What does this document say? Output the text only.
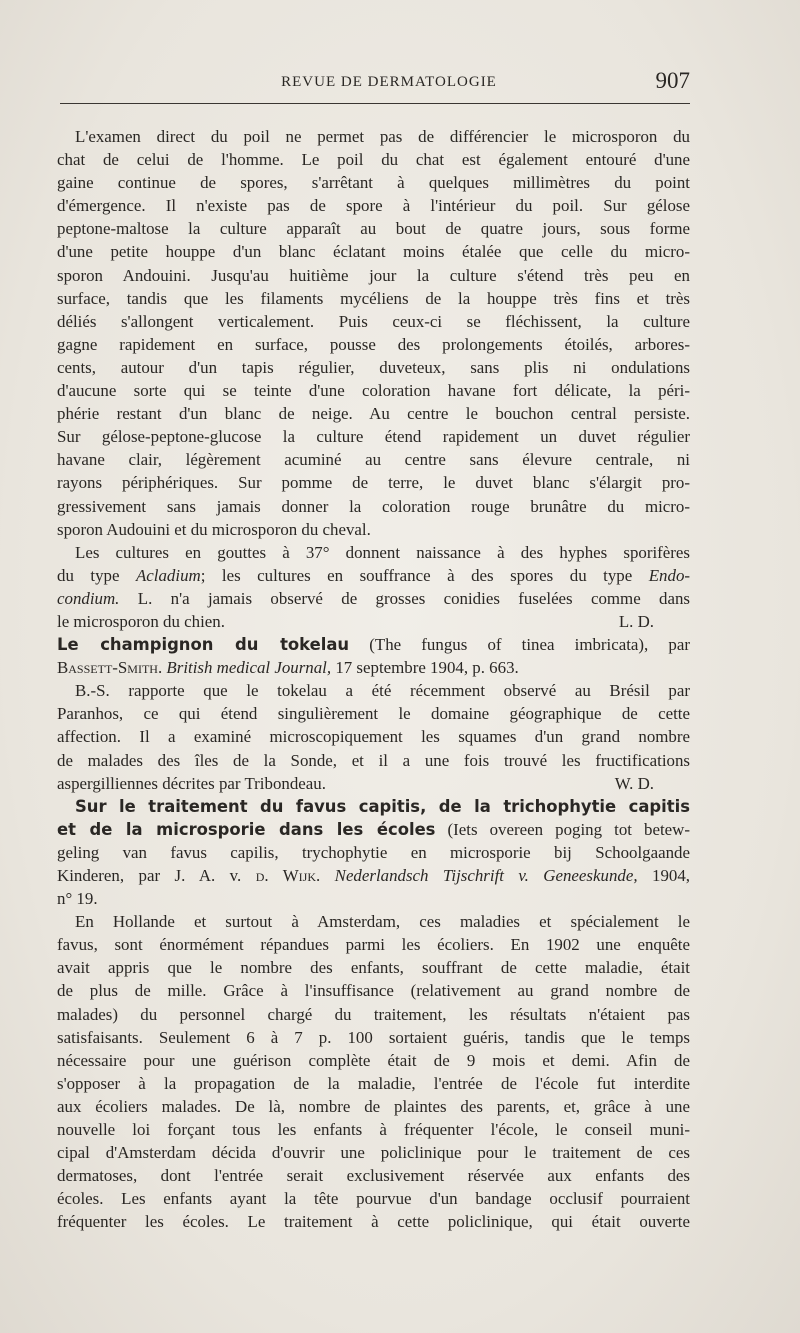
REVUE DE DERMATOLOGIE	907
L'examen direct du poil ne permet pas de différencier le microsporon du
chat de celui de l'homme. Le poil du chat est également entouré d'une
gaine continue de spores, s'arrêtant à quelques millimètres du point
d'émergence. Il n'existe pas de spore à l'intérieur du poil. Sur gélose
peptone-maltose la culture apparaît au bout de quatre jours, sous forme
d'une petite houppe d'un blanc éclatant moins étalée que celle du micro-
sporon Andouini. Jusqu'au huitième jour la culture s'étend très peu en
surface, tandis que les filaments mycéliens de la houppe très fins et très
déliés s'allongent verticalement. Puis ceux-ci se fléchissent, la culture
gagne rapidement en surface, pousse des prolongements étoilés, arbores-
cents, autour d'un tapis régulier, duveteux, sans plis ni ondulations
d'aucune sorte qui se teinte d'une coloration havane fort délicate, la péri-
phérie restant d'un blanc de neige. Au centre le bouchon central persiste.
Sur gélose-peptone-glucose la culture étend rapidement un duvet régulier
havane clair, légèrement acuminé au centre sans élevure centrale, ni
rayons périphériques. Sur pomme de terre, le duvet blanc s'élargit pro-
gressivement sans jamais donner la coloration rouge brunâtre du micro-
sporon Audouini et du microsporon du cheval.
Les cultures en gouttes à 37° donnent naissance à des hyphes sporifères
du type Acladium; les cultures en souffrance à des spores du type Endo-
condium. L. n'a jamais observé de grosses conidies fuselées comme dans
le microsporon du chien.	L. D.
Le champignon du tokelau (The fungus of tinea imbricata), par
Bassett-Smith. British medical Journal, 17 septembre 1904, p. 663.
B.-S. rapporte que le tokelau a été récemment observé au Brésil par
Paranhos, ce qui étend singulièrement le domaine géographique de cette
affection. Il a examiné microscopiquement les squames d'un grand nombre
de malades des îles de la Sonde, et il a une fois trouvé les fructifications
aspergilliennes décrites par Tribondeau.	W. D.
Sur le traitement du favus capitis, de la trichophytie capitis
et de la microsporie dans les écoles (Iets overeen poging tot betew-
geling van favus capilis, trychophytie en microsporie bij Schoolgaande
Kinderen, par J. A. v. d. Wijk. Nederlandsch Tijschrift v. Geneeskunde, 1904,
n° 19.
En Hollande et surtout à Amsterdam, ces maladies et spécialement le
favus, sont énormément répandues parmi les écoliers. En 1902 une enquête
avait appris que le nombre des enfants, souffrant de cette maladie, était
de plus de mille. Grâce à l'insuffisance (relativement au grand nombre de
malades) du personnel chargé du traitement, les résultats n'étaient pas
satisfaisants. Seulement 6 à 7 p. 100 sortaient guéris, tandis que le temps
nécessaire pour une guérison complète était de 9 mois et demi. Afin de
s'opposer à la propagation de la maladie, l'entrée de l'école fut interdite
aux écoliers malades. De là, nombre de plaintes des parents, et, grâce à une
nouvelle loi forçant tous les enfants à fréquenter l'école, le conseil muni-
cipal d'Amsterdam décida d'ouvrir une policlinique pour le traitement de ces
dermatoses, dont l'entrée serait exclusivement réservée aux enfants des
écoles. Les enfants ayant la tête pourvue d'un bandage occlusif pourraient
fréquenter les écoles. Le traitement à cette policlinique, qui était ouverte
